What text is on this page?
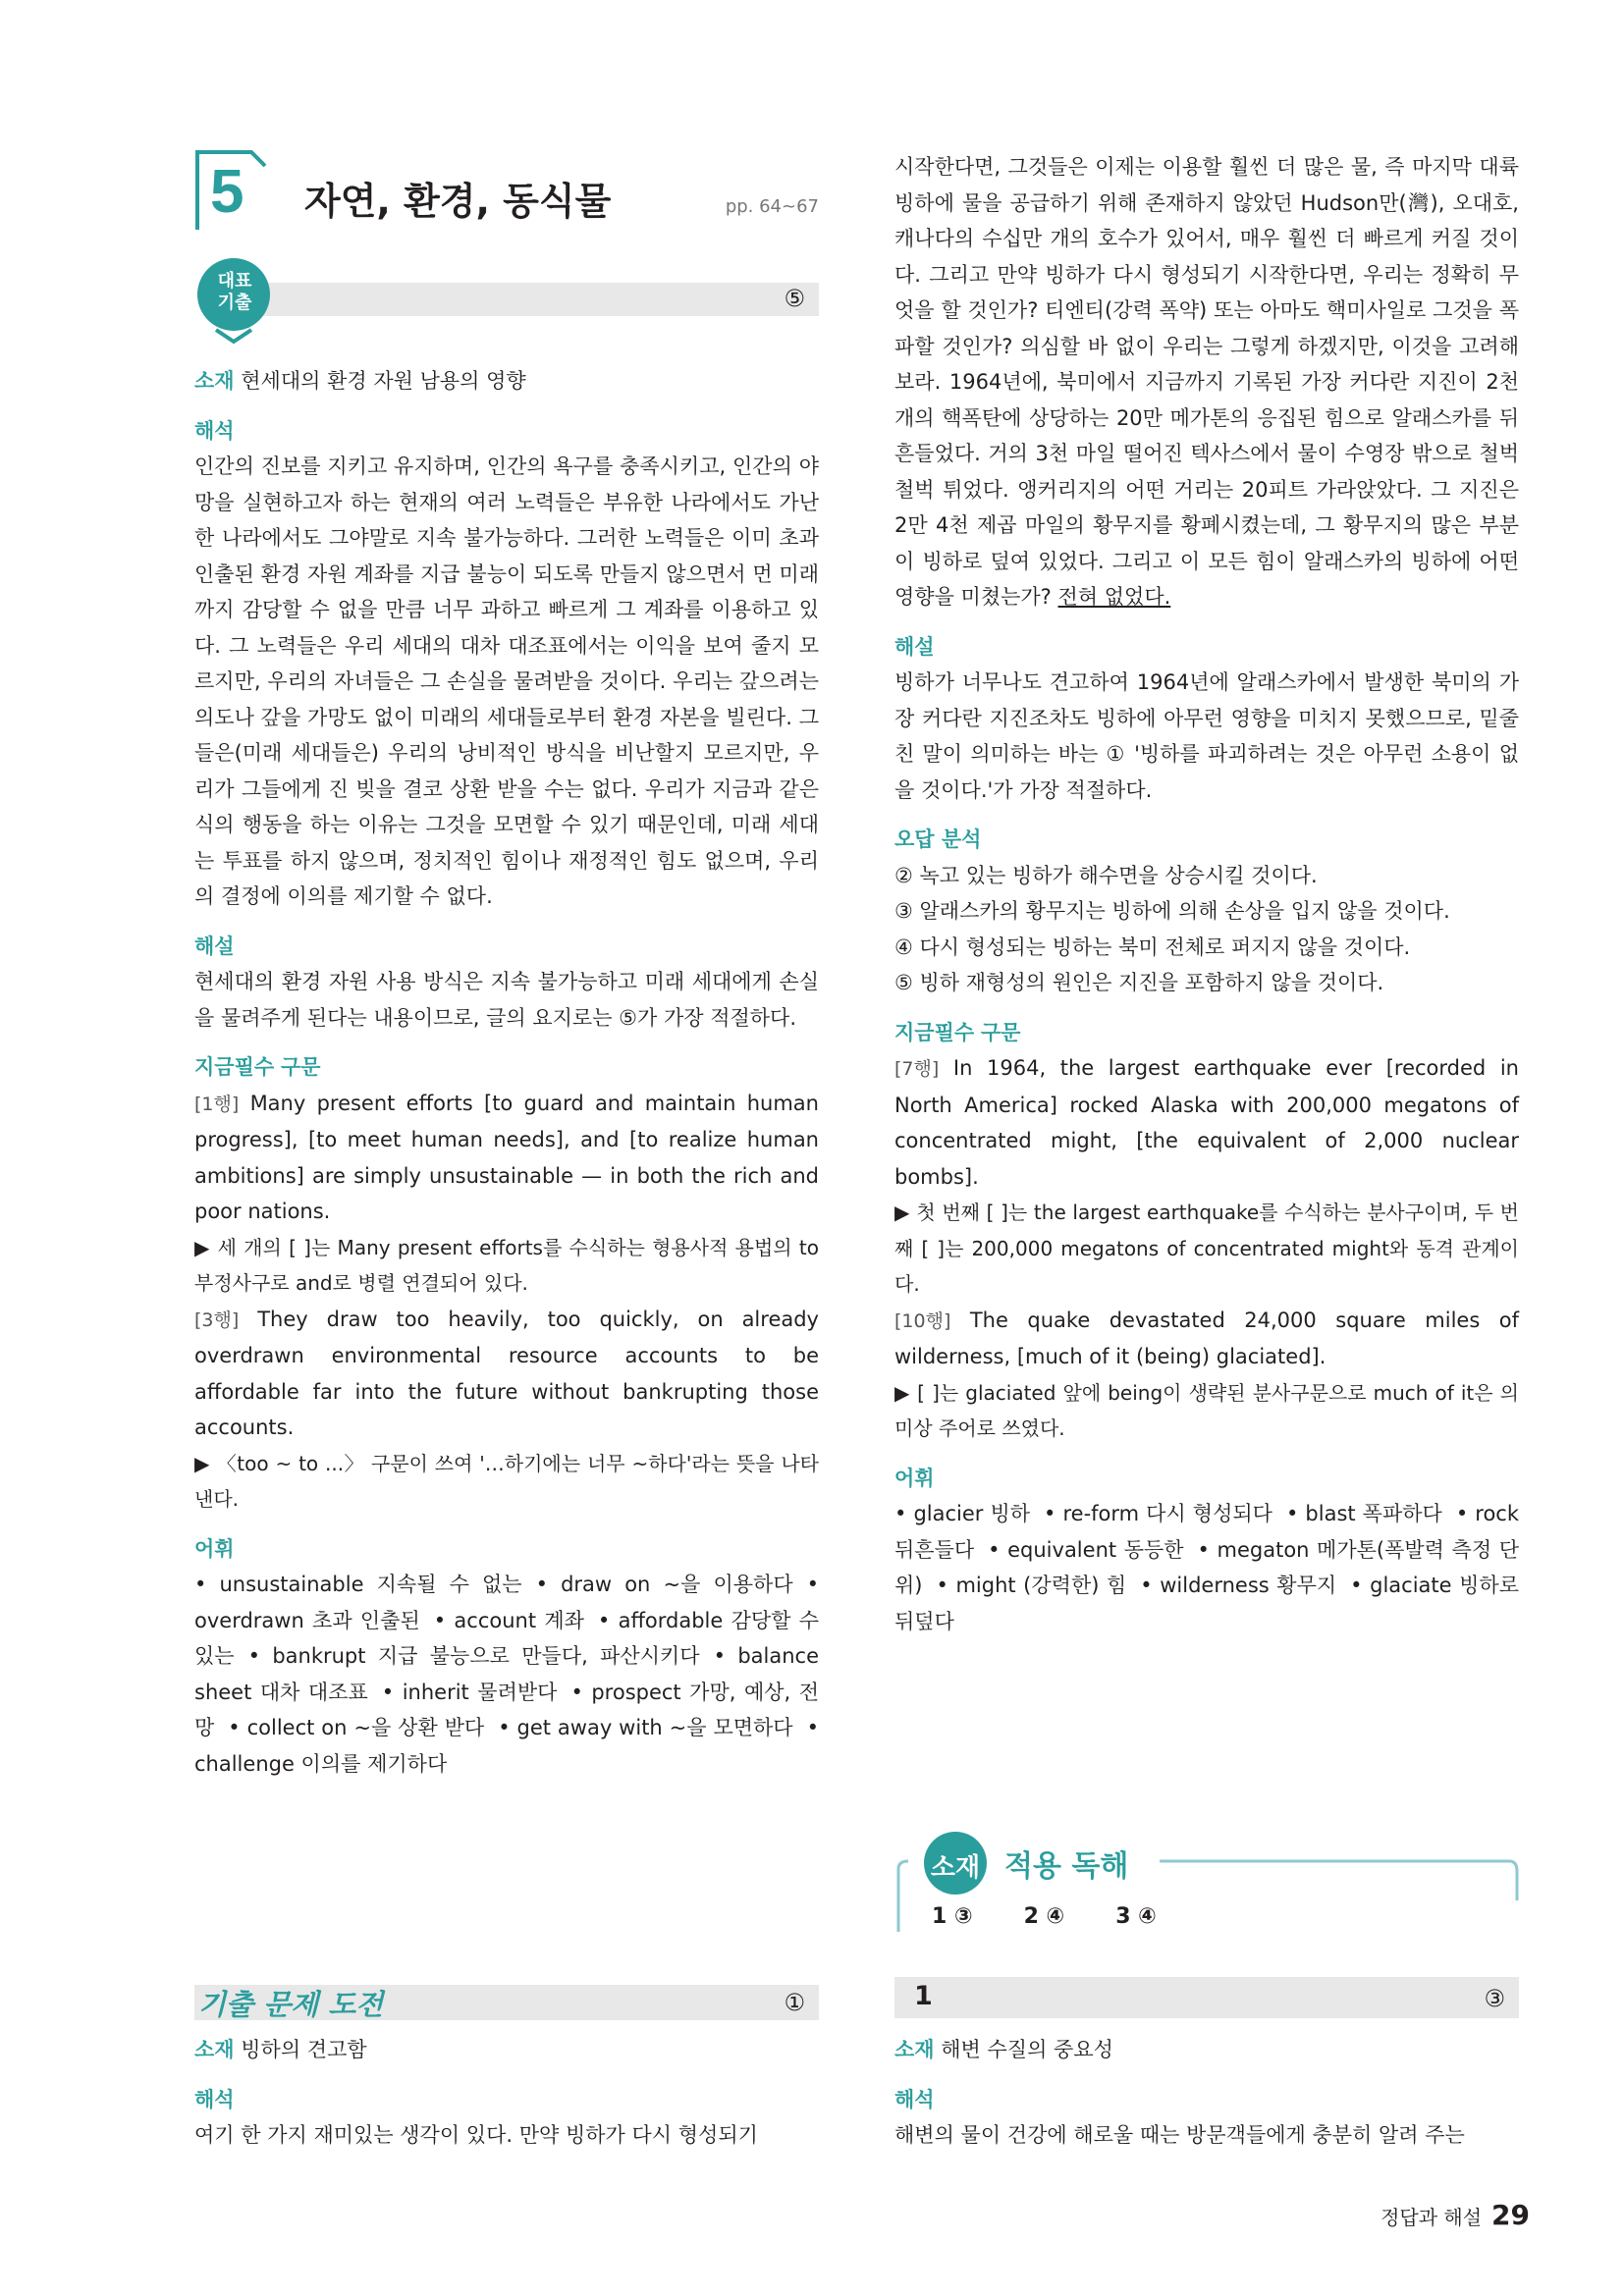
5 자연, 환경, 동식물	pp. 64~67
⑤
대표
기출

소재 현세대의 환경 자원 남용의 영향

해석

인간의 진보를 지키고 유지하며, 인간의 욕구를 충족시키고, 인간의 야망을 실현하고자 하는 현재의 여러 노력들은 부유한 나라에서도 가난한 나라에서도 그야말로 지속 불가능하다. 그러한 노력들은 이미 초과 인출된 환경 자원 계좌를 지급 불능이 되도록 만들지 않으면서 먼 미래까지 감당할 수 없을 만큼 너무 과하고 빠르게 그 계좌를 이용하고 있다. 그 노력들은 우리 세대의 대차 대조표에서는 이익을 보여 줄지 모르지만, 우리의 자녀들은 그 손실을 물려받을 것이다. 우리는 갚으려는 의도나 갚을 가망도 없이 미래의 세대들로부터 환경 자본을 빌린다. 그들은(미래 세대들은) 우리의 낭비적인 방식을 비난할지 모르지만, 우리가 그들에게 진 빚을 결코 상환 받을 수는 없다. 우리가 지금과 같은 식의 행동을 하는 이유는 그것을 모면할 수 있기 때문인데, 미래 세대는 투표를 하지 않으며, 정치적인 힘이나 재정적인 힘도 없으며, 우리의 결정에 이의를 제기할 수 없다.

해설

현세대의 환경 자원 사용 방식은 지속 불가능하고 미래 세대에게 손실을 물려주게 된다는 내용이므로, 글의 요지로는 ⑤가 가장 적절하다.

지금필수 구문

[1행] Many present efforts [to guard and maintain human progress], [to meet human needs], and [to realize human ambitions] are simply unsustainable — in both the rich and poor nations.

▶ 세 개의 [ ]는 Many present efforts를 수식하는 형용사적 용법의 to부정사구로 and로 병렬 연결되어 있다.

[3행] They draw too heavily, too quickly, on already overdrawn environmental resource accounts to be affordable far into the future without bankrupting those accounts.

▶ 〈too ~ to ...〉 구문이 쓰여 '…하기에는 너무 ~하다'라는 뜻을 나타낸다.

어휘

• unsustainable 지속될 수 없는 • draw on ~을 이용하다 • overdrawn 초과 인출된 • account 계좌 • affordable 감당할 수 있는 • bankrupt 지급 불능으로 만들다, 파산시키다 • balance sheet 대차 대조표 • inherit 물려받다 • prospect 가망, 예상, 전망 • collect on ~을 상환 받다 • get away with ~을 모면하다 • challenge 이의를 제기하다

기출 문제 도전	①

소재 빙하의 견고함

해석

여기 한 가지 재미있는 생각이 있다. 만약 빙하가 다시 형성되기

시작한다면, 그것들은 이제는 이용할 훨씬 더 많은 물, 즉 마지막 대륙 빙하에 물을 공급하기 위해 존재하지 않았던 Hudson만(灣), 오대호, 캐나다의 수십만 개의 호수가 있어서, 매우 훨씬 더 빠르게 커질 것이다. 그리고 만약 빙하가 다시 형성되기 시작한다면, 우리는 정확히 무엇을 할 것인가? 티엔티(강력 폭약) 또는 아마도 핵미사일로 그것을 폭파할 것인가? 의심할 바 없이 우리는 그렇게 하겠지만, 이것을 고려해 보라. 1964년에, 북미에서 지금까지 기록된 가장 커다란 지진이 2천 개의 핵폭탄에 상당하는 20만 메가톤의 응집된 힘으로 알래스카를 뒤흔들었다. 거의 3천 마일 떨어진 텍사스에서 물이 수영장 밖으로 철벅철벅 튀었다. 앵커리지의 어떤 거리는 20피트 가라앉았다. 그 지진은 2만 4천 제곱 마일의 황무지를 황폐시켰는데, 그 황무지의 많은 부분이 빙하로 덮여 있었다. 그리고 이 모든 힘이 알래스카의 빙하에 어떤 영향을 미쳤는가? 전혀 없었다.

해설

빙하가 너무나도 견고하여 1964년에 알래스카에서 발생한 북미의 가장 커다란 지진조차도 빙하에 아무런 영향을 미치지 못했으므로, 밑줄 친 말이 의미하는 바는 ① '빙하를 파괴하려는 것은 아무런 소용이 없을 것이다.'가 가장 적절하다.

오답 분석

② 녹고 있는 빙하가 해수면을 상승시킬 것이다.

③ 알래스카의 황무지는 빙하에 의해 손상을 입지 않을 것이다.

④ 다시 형성되는 빙하는 북미 전체로 퍼지지 않을 것이다.

⑤ 빙하 재형성의 원인은 지진을 포함하지 않을 것이다.

지금필수 구문

[7행] In 1964, the largest earthquake ever [recorded in North America] rocked Alaska with 200,000 megatons of concentrated might, [the equivalent of 2,000 nuclear bombs].

▶ 첫 번째 [ ]는 the largest earthquake를 수식하는 분사구이며, 두 번째 [ ]는 200,000 megatons of concentrated might와 동격 관계이다.

[10행] The quake devastated 24,000 square miles of wilderness, [much of it (being) glaciated].

▶ [ ]는 glaciated 앞에 being이 생략된 분사구문으로 much of it은 의미상 주어로 쓰였다.

어휘

• glacier 빙하 • re-form 다시 형성되다 • blast 폭파하다 • rock 뒤흔들다 • equivalent 동등한 • megaton 메가톤(폭발력 측정 단위) • might (강력한) 힘 • wilderness 황무지 • glaciate 빙하로 뒤덮다

소재 적용 독해
1 ③ 2 ④ 3 ④
1	③

소재 해변 수질의 중요성

해석

해변의 물이 건강에 해로울 때는 방문객들에게 충분히 알려 주는

정답과 해설 29
